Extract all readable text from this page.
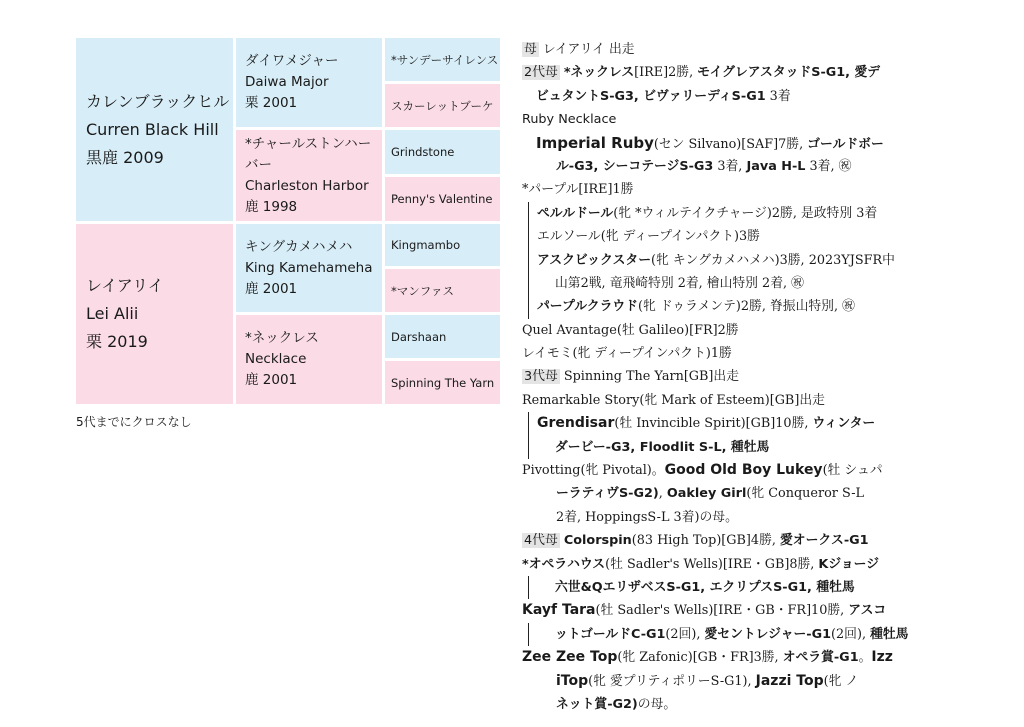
カレンブラックヒル
Curren Black Hill
黒鹿 2009
レイアリイ
Lei Alii
栗 2019
ダイワメジャー
Daiwa Major
栗 2001
*チャールストンハーバー
Charleston Harbor
鹿 1998
キングカメハメハ
King Kamehameha
鹿 2001
*ネックレス
Necklace
鹿 2001
*サンデーサイレンス
スカーレットブーケ
Grindstone
Penny's Valentine
Kingmambo
*マンファス
Darshaan
Spinning The Yarn
5代までにクロスなし
母 レイアリイ 出走
2代母 *ネックレス[IRE]2勝, モイグレアスタッドS-G1, 愛デ
ビュタントS-G3, ビヴァリーディS-G1 3着
Ruby Necklace
Imperial Ruby(セン Silvano)[SAF]7勝, ゴールドボー
ル-G3, シーコテージS-G3 3着, Java H-L 3着, ㊗
*パープル[IRE]1勝
ペルルドール(牝 *ウィルテイクチャージ)2勝, 是政特別 3着
エルソール(牝 ディープインパクト)3勝
アスクビックスター(牝 キングカメハメハ)3勝, 2023YJSFR中
山第2戦, 竜飛崎特別 2着, 檜山特別 2着, ㊗
パープルクラウド(牝 ドゥラメンテ)2勝, 脊振山特別, ㊗
Quel Avantage(牡 Galileo)[FR]2勝
レイモミ(牝 ディープインパクト)1勝
3代母 Spinning The Yarn[GB]出走
Remarkable Story(牝 Mark of Esteem)[GB]出走
Grendisar(牡 Invincible Spirit)[GB]10勝, ウィンター
ダービー-G3, Floodlit S-L, 種牡馬
Pivotting(牝 Pivotal)。Good Old Boy Lukey(牡 シュパ
ーラティヴS-G2), Oakley Girl(牝 Conqueror S-L
2着, HoppingsS-L 3着)の母。
4代母 Colorspin(83 High Top)[GB]4勝, 愛オークス-G1
*オペラハウス(牡 Sadler's Wells)[IRE・GB]8勝, Kジョージ
六世&QエリザベスS-G1, エクリプスS-G1, 種牡馬
Kayf Tara(牡 Sadler's Wells)[IRE・GB・FR]10勝, アスコ
ットゴールドC-G1(2回), 愛セントレジャー-G1(2回), 種牡馬
Zee Zee Top(牝 Zafonic)[GB・FR]3勝, オペラ賞-G1。Izz
iTop(牝 愛プリティポリーS-G1), Jazzi Top(牝 ノ
ネット賞-G2)の母。
